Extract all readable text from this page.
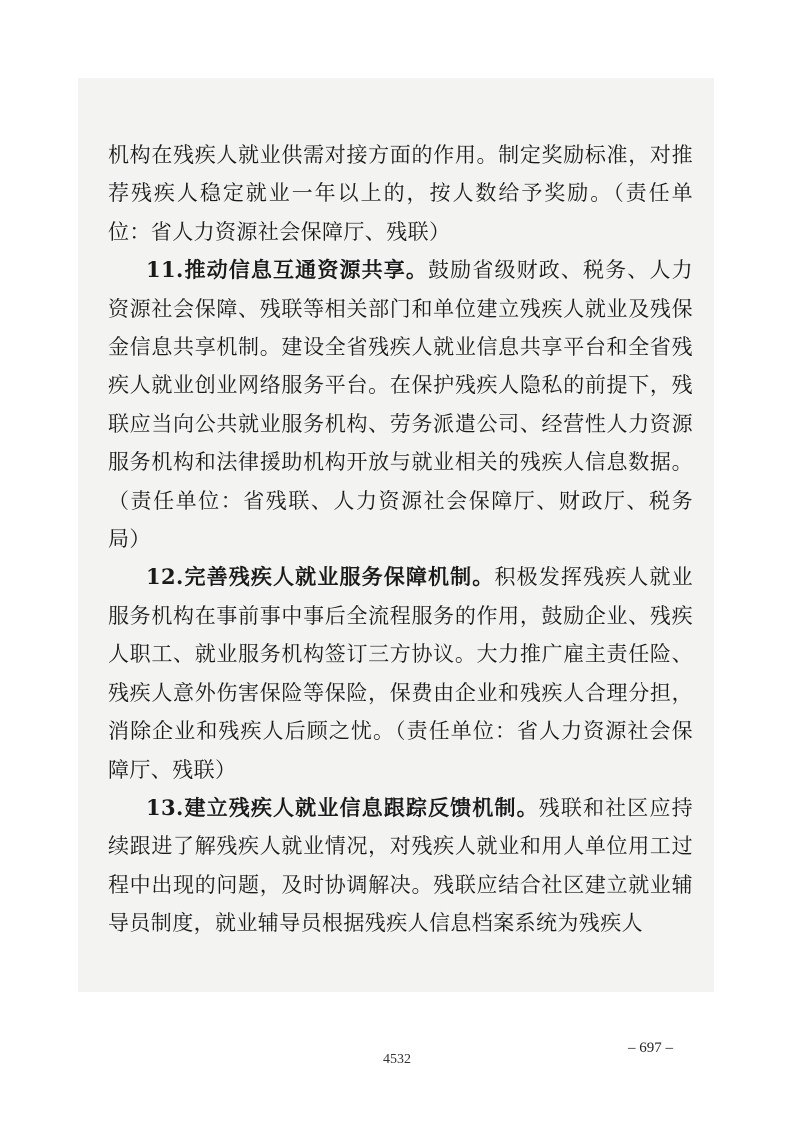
机构在残疾人就业供需对接方面的作用。制定奖励标准，对推荐残疾人稳定就业一年以上的，按人数给予奖励。（责任单位：省人力资源社会保障厅、残联）

11.推动信息互通资源共享。鼓励省级财政、税务、人力资源社会保障、残联等相关部门和单位建立残疾人就业及残保金信息共享机制。建设全省残疾人就业信息共享平台和全省残疾人就业创业网络服务平台。在保护残疾人隐私的前提下，残联应当向公共就业服务机构、劳务派遣公司、经营性人力资源服务机构和法律援助机构开放与就业相关的残疾人信息数据。（责任单位：省残联、人力资源社会保障厅、财政厅、税务局）

12.完善残疾人就业服务保障机制。积极发挥残疾人就业服务机构在事前事中事后全流程服务的作用，鼓励企业、残疾人职工、就业服务机构签订三方协议。大力推广雇主责任险、残疾人意外伤害保险等保险，保费由企业和残疾人合理分担，消除企业和残疾人后顾之忧。（责任单位：省人力资源社会保障厅、残联）

13.建立残疾人就业信息跟踪反馈机制。残联和社区应持续跟进了解残疾人就业情况，对残疾人就业和用人单位用工过程中出现的问题，及时协调解决。残联应结合社区建立就业辅导员制度，就业辅导员根据残疾人信息档案系统为残疾人

– 697 –
4532
